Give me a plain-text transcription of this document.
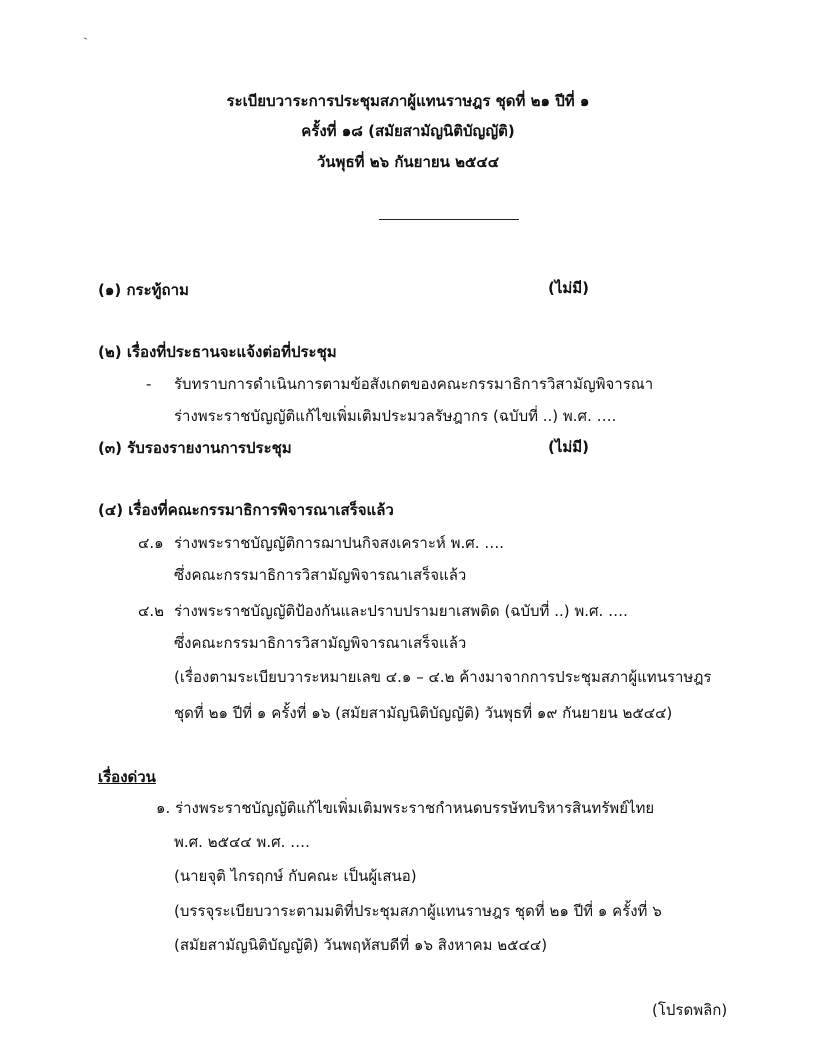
ระเบียบวาระการประชุมสภาผู้แทนราษฎร ชุดที่ ๒๑ ปีที่ ๑
ครั้งที่ ๑๘ (สมัยสามัญนิติบัญญัติ)
วันพุธที่ ๒๖ กันยายน ๒๕๔๔
(๑) กระทู้ถาม	(ไม่มี)
(๒) เรื่องที่ประธานจะแจ้งต่อที่ประชุม
- รับทราบการดำเนินการตามข้อสังเกตของคณะกรรมาธิการวิสามัญพิจารณา
ร่างพระราชบัญญัติแก้ไขเพิ่มเติมประมวลรัษฎากร (ฉบับที่ ..) พ.ศ. ….
(๓) รับรองรายงานการประชุม	(ไม่มี)
(๔) เรื่องที่คณะกรรมาธิการพิจารณาเสร็จแล้ว
๔.๑ ร่างพระราชบัญญัติการฌาปนกิจสงเคราะห์ พ.ศ. ….
ซึ่งคณะกรรมาธิการวิสามัญพิจารณาเสร็จแล้ว
๔.๒ ร่างพระราชบัญญัติป้องกันและปราบปรามยาเสพติด (ฉบับที่ ..) พ.ศ. ….
ซึ่งคณะกรรมาธิการวิสามัญพิจารณาเสร็จแล้ว
(เรื่องตามระเบียบวาระหมายเลข ๔.๑ – ๔.๒ ค้างมาจากการประชุมสภาผู้แทนราษฎร
ชุดที่ ๒๑ ปีที่ ๑ ครั้งที่ ๑๖ (สมัยสามัญนิติบัญญัติ) วันพุธที่ ๑๙ กันยายน ๒๕๔๔)
เรื่องด่วน
๑. ร่างพระราชบัญญัติแก้ไขเพิ่มเติมพระราชกำหนดบรรษัทบริหารสินทรัพย์ไทย
พ.ศ. ๒๕๔๔ พ.ศ. ….
(นายจุติ ไกรฤกษ์ กับคณะ เป็นผู้เสนอ)
(บรรจุระเบียบวาระตามมติที่ประชุมสภาผู้แทนราษฎร ชุดที่ ๒๑ ปีที่ ๑ ครั้งที่ ๖
(สมัยสามัญนิติบัญญัติ) วันพฤหัสบดีที่ ๑๖ สิงหาคม ๒๕๔๔)
(โปรดพลิก)
